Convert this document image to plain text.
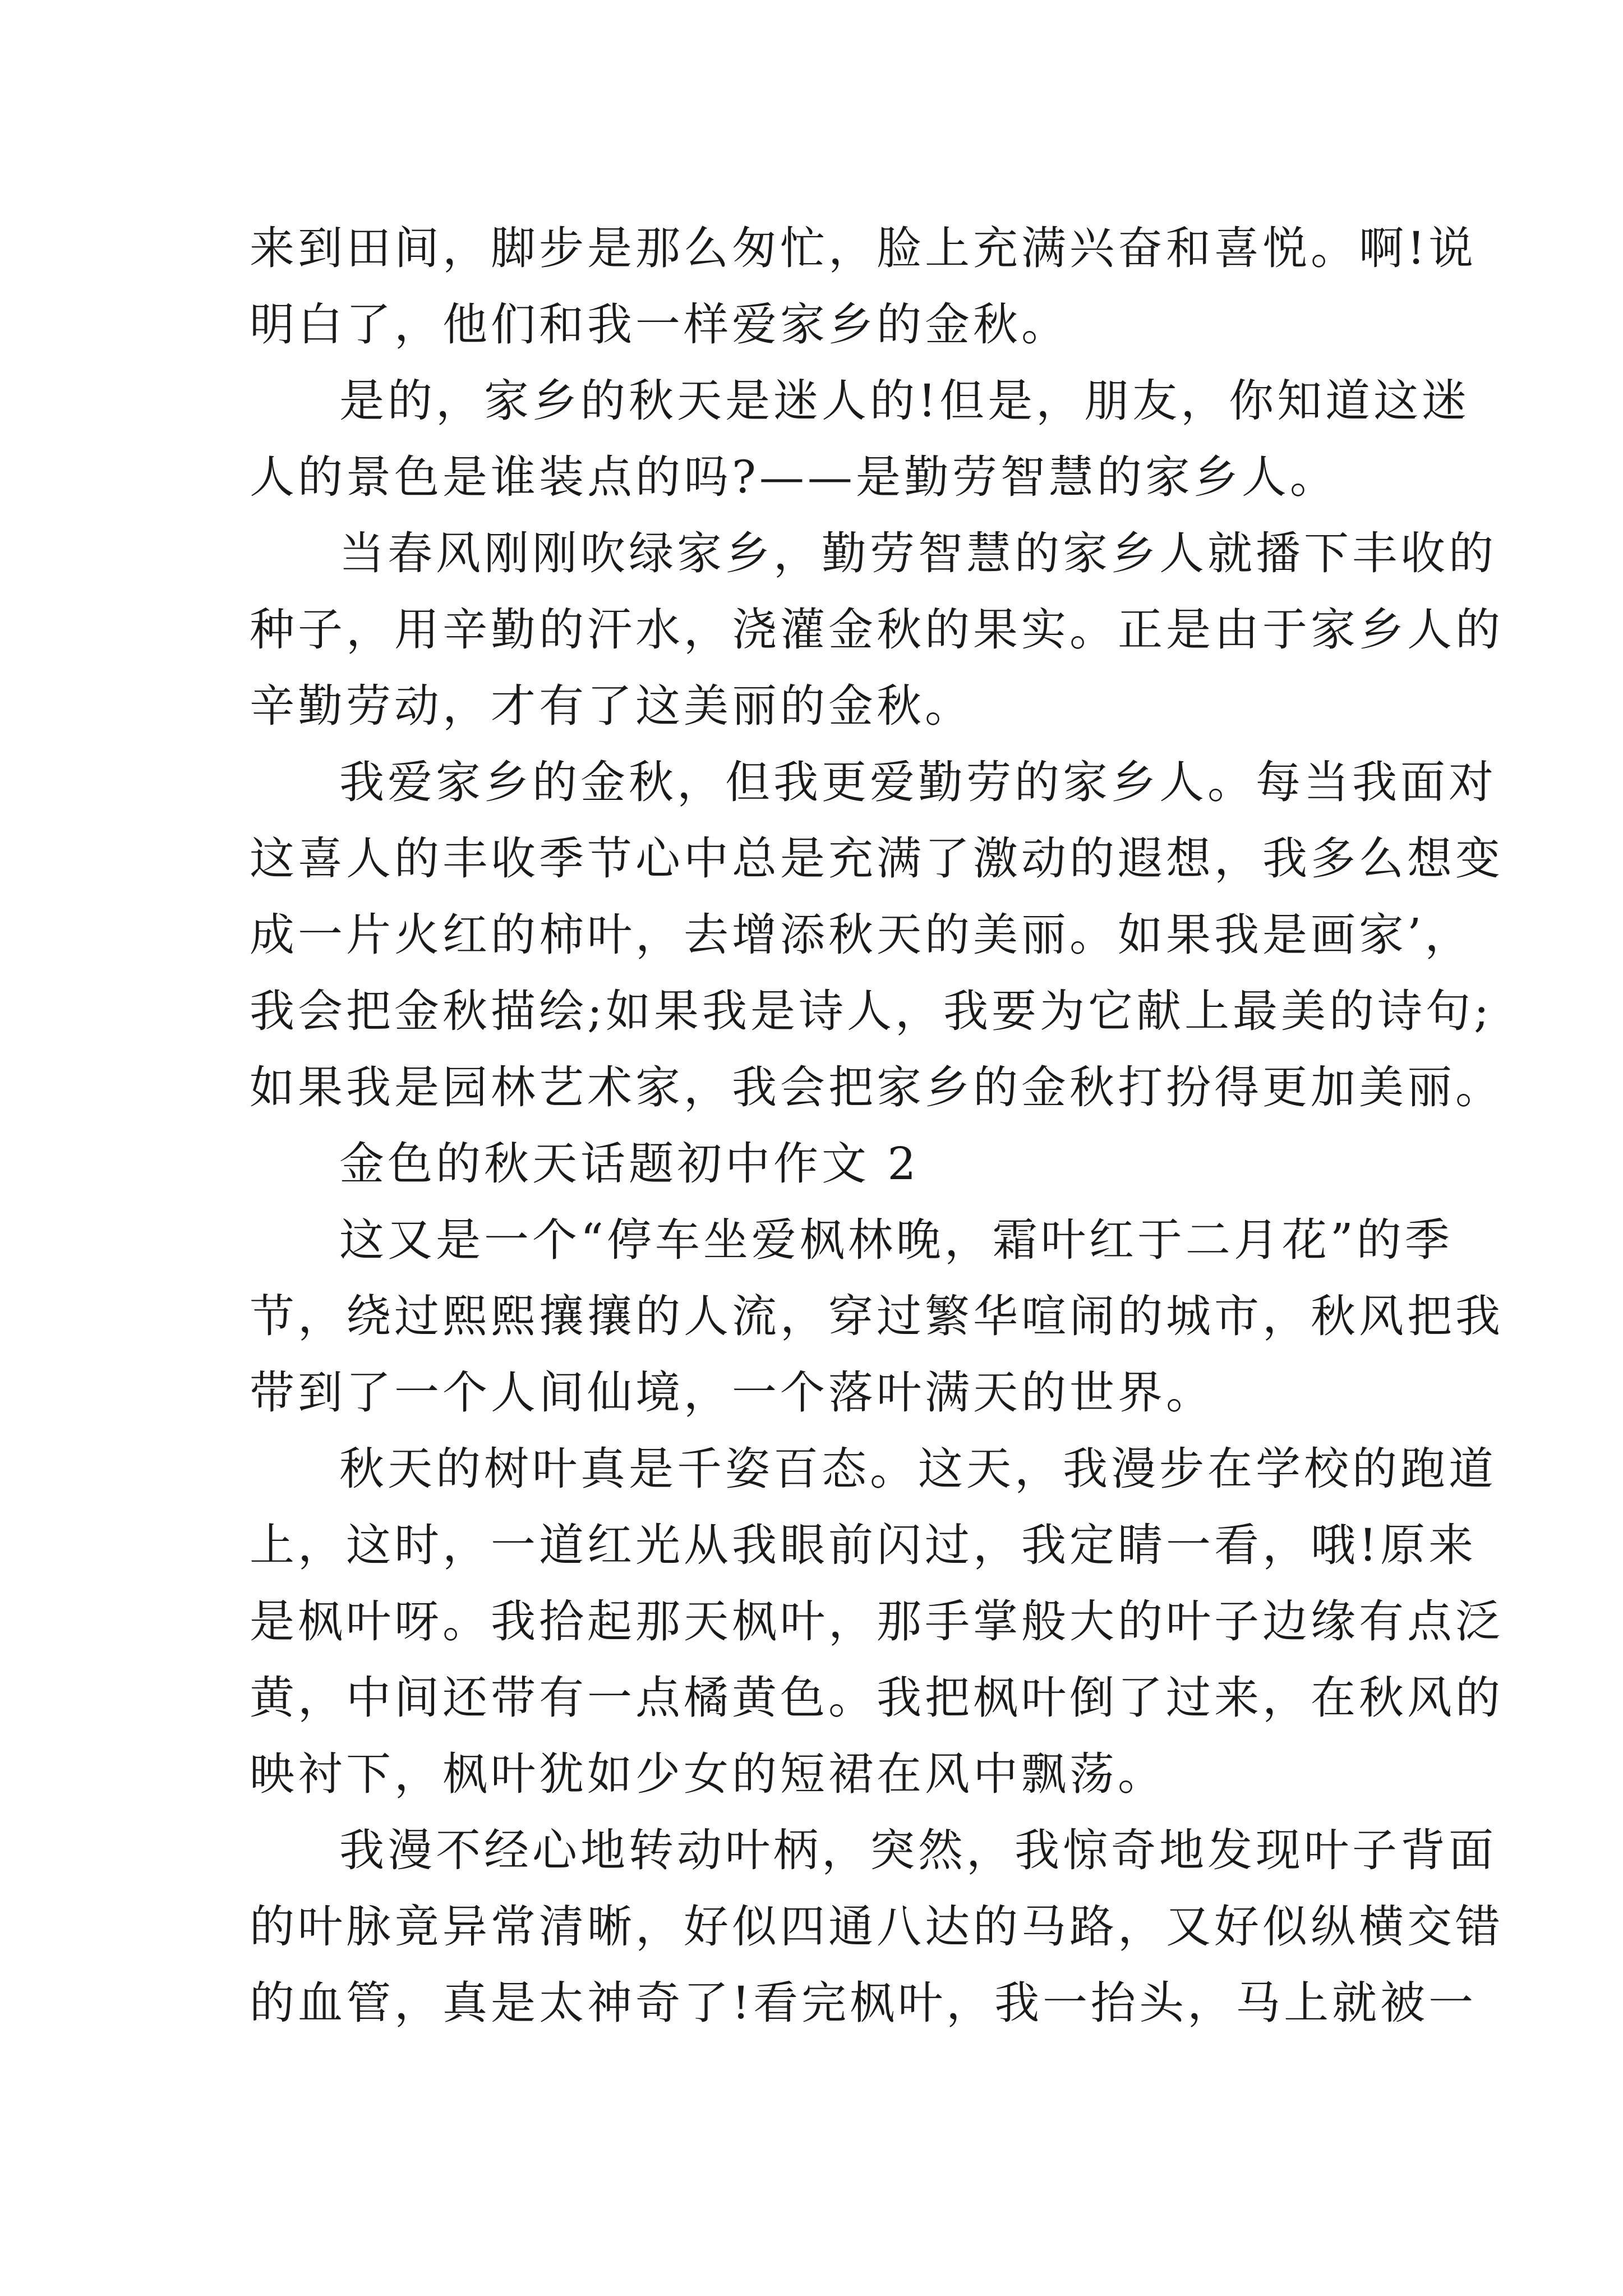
来到田间，脚步是那么匆忙，脸上充满兴奋和喜悦。啊!说
明白了，他们和我一样爱家乡的金秋。
是的，家乡的秋天是迷人的!但是，朋友，你知道这迷
人的景色是谁装点的吗?——是勤劳智慧的家乡人。
当春风刚刚吹绿家乡，勤劳智慧的家乡人就播下丰收的
种子，用辛勤的汗水，浇灌金秋的果实。正是由于家乡人的
辛勤劳动，才有了这美丽的金秋。
我爱家乡的金秋，但我更爱勤劳的家乡人。每当我面对
这喜人的丰收季节心中总是充满了激动的遐想，我多么想变
成一片火红的柿叶，去增添秋天的美丽。如果我是画家’，
我会把金秋描绘;如果我是诗人，我要为它献上最美的诗句;
如果我是园林艺术家，我会把家乡的金秋打扮得更加美丽。
金色的秋天话题初中作文 2
这又是一个“停车坐爱枫林晚，霜叶红于二月花”的季
节，绕过熙熙攘攘的人流，穿过繁华喧闹的城市，秋风把我
带到了一个人间仙境，一个落叶满天的世界。
秋天的树叶真是千姿百态。这天，我漫步在学校的跑道
上，这时，一道红光从我眼前闪过，我定睛一看，哦!原来
是枫叶呀。我拾起那天枫叶，那手掌般大的叶子边缘有点泛
黄，中间还带有一点橘黄色。我把枫叶倒了过来，在秋风的
映衬下，枫叶犹如少女的短裙在风中飘荡。
我漫不经心地转动叶柄，突然，我惊奇地发现叶子背面
的叶脉竟异常清晰，好似四通八达的马路，又好似纵横交错
的血管，真是太神奇了!看完枫叶，我一抬头，马上就被一
